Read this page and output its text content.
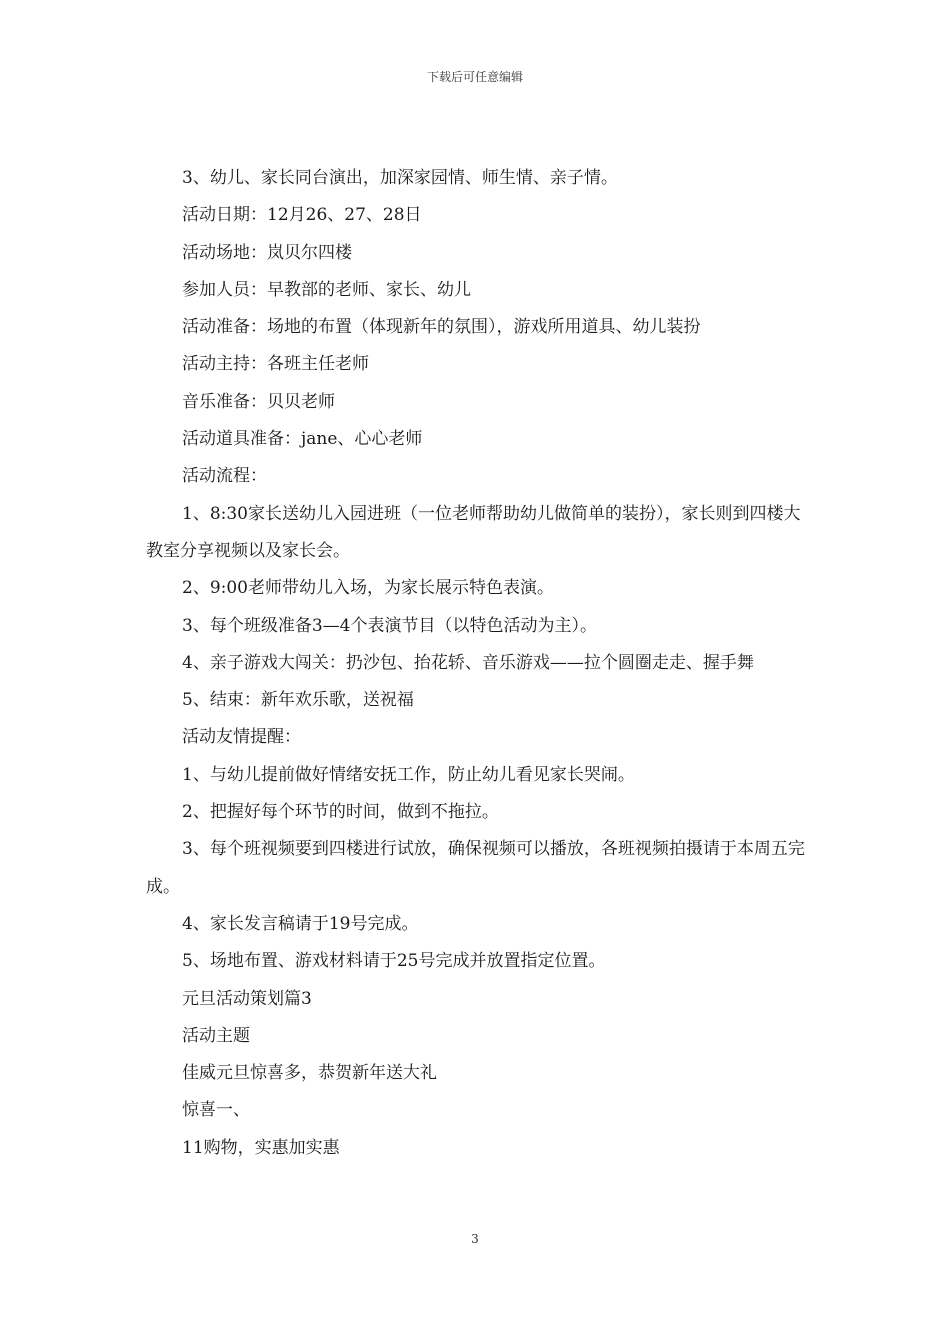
下载后可任意编辑

3、幼儿、家长同台演出，加深家园情、师生情、亲子情。

活动日期：12月26、27、28日

活动场地：岚贝尔四楼

参加人员：早教部的老师、家长、幼儿

活动准备：场地的布置（体现新年的氛围），游戏所用道具、幼儿装扮

活动主持：各班主任老师

音乐准备：贝贝老师

活动道具准备：jane、心心老师

活动流程：

1、8:30家长送幼儿入园进班（一位老师帮助幼儿做简单的装扮），家长则到四楼大教室分享视频以及家长会。

2、9:00老师带幼儿入场，为家长展示特色表演。

3、每个班级准备3—4个表演节目（以特色活动为主）。

4、亲子游戏大闯关：扔沙包、抬花轿、音乐游戏——拉个圆圈走走、握手舞

5、结束：新年欢乐歌，送祝福

活动友情提醒：

1、与幼儿提前做好情绪安抚工作，防止幼儿看见家长哭闹。

2、把握好每个环节的时间，做到不拖拉。

3、每个班视频要到四楼进行试放，确保视频可以播放，各班视频拍摄请于本周五完成。

4、家长发言稿请于19号完成。

5、场地布置、游戏材料请于25号完成并放置指定位置。

元旦活动策划篇3

活动主题

佳威元旦惊喜多，恭贺新年送大礼

惊喜一、

11购物，实惠加实惠

3
